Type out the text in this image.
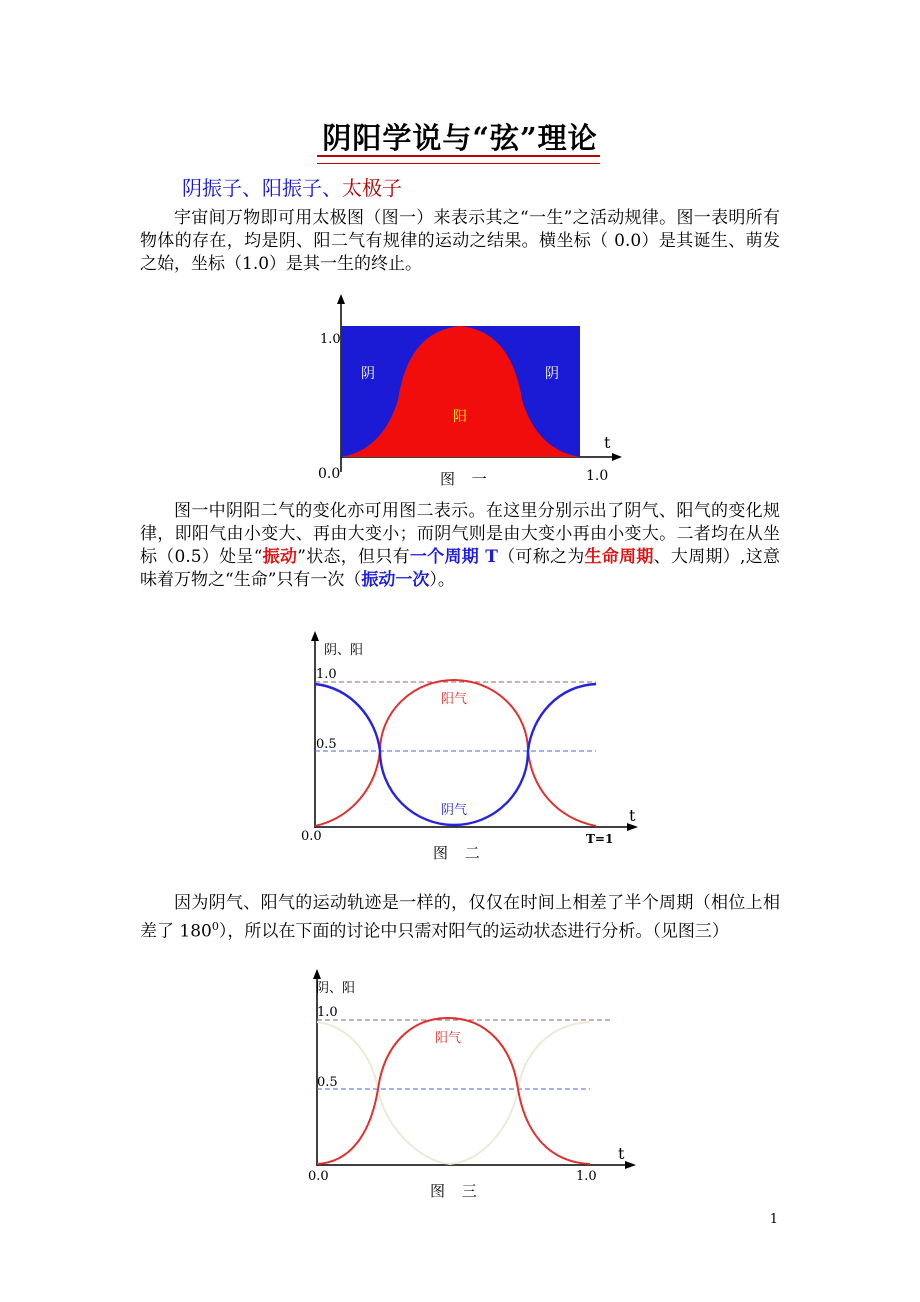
阴阳学说与“弦”理论
阴振子、阳振子、太极子

宇宙间万物即可用太极图（图一）来表示其之“一生”之活动规律。图一表明所有物体的存在，均是阴、阳二气有规律的运动之结果。横坐标（ 0.0）是其诞生、萌发之始，坐标（1.0）是其一生的终止。

1.0
0.0	1.0
t
阴	阴
阳
图 一

图一中阴阳二气的变化亦可用图二表示。在这里分别示出了阴气、阳气的变化规律，即阳气由小变大、再由大变小；而阴气则是由大变小再由小变大。二者均在从坐标（0.5）处呈“振动”状态，但只有一个周期 T（可称之为生命周期、大周期）,这意味着万物之“生命”只有一次（振动一次）。

阴、阳
1.0
0.5
0.0
t
T=1
阳气
阴气
图 二

因为阴气、阳气的运动轨迹是一样的，仅仅在时间上相差了半个周期（相位上相差了 $180^0$），所以在下面的讨论中只需对阳气的运动状态进行分析。（见图三）

阴、阳
1.0
0.5
0.0	1.0
t
阳气
图 三
1
